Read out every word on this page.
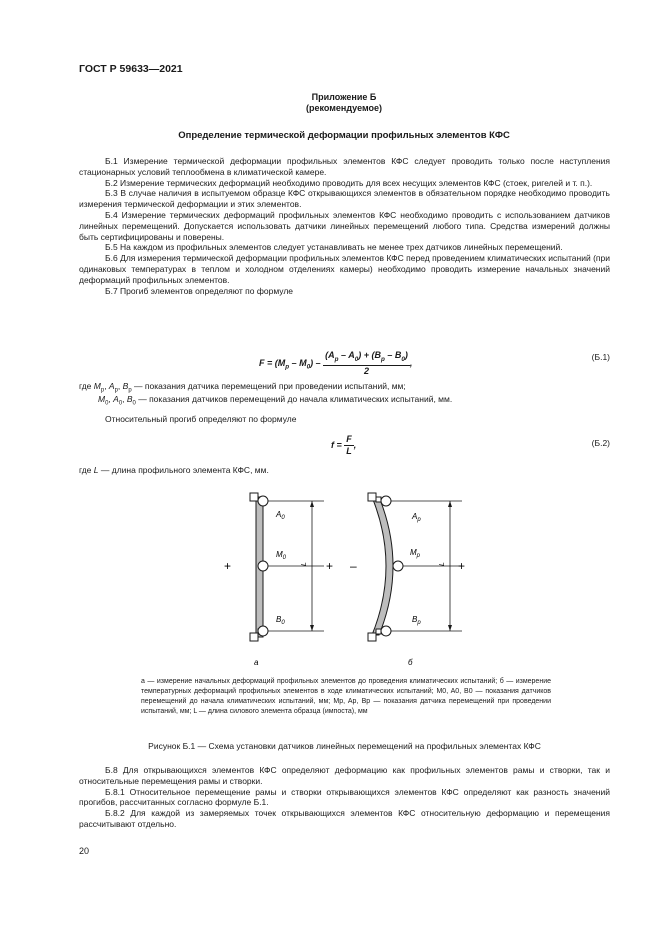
ГОСТ Р 59633—2021
Приложение Б
(рекомендуемое)
Определение термической деформации профильных элементов КФС

Б.1 Измерение термической деформации профильных элементов КФС следует проводить только после наступления стационарных условий теплообмена в климатической камере.

Б.2 Измерение термических деформаций необходимо проводить для всех несущих элементов КФС (стоек, ригелей и т. п.).

Б.3 В случае наличия в испытуемом образце КФС открывающихся элементов в обязательном порядке необходимо проводить измерения термической деформации и этих элементов.

Б.4 Измерение термических деформаций профильных элементов КФС необходимо проводить с использованием датчиков линейных перемещений. Допускается использовать датчики линейных перемещений любого типа. Средства измерений должны быть сертифицированы и поверены.

Б.5 На каждом из профильных элементов следует устанавливать не менее трех датчиков линейных перемещений.

Б.6 Для измерения термической деформации профильных элементов КФС перед проведением климатических испытаний (при одинаковых температурах в теплом и холодном отделениях камеры) необходимо проводить измерение начальных значений деформаций профильных элементов.

Б.7 Прогиб элементов определяют по формуле

$F = (M_p - M_0) - \frac{(A_p - A_0) + (B_p - B_0)}{2}$ ,
(Б.1)
где $M_p$, $A_p$, $B_p$ — показания датчика перемещений при проведении испытаний, мм;
$M_0$, $A_0$, $B_0$ — показания датчиков перемещений до начала климатических испытаний, мм.
Относительный прогиб определяют по формуле
$f = \frac{F}{L}$ ,	(Б.2)
где L — длина профильного элемента КФС, мм.
$A_0$
$M_0$
$B_0$
L
+	+
а
$A_р$
$M_р$
$B_р$
L
–	+
б

а — измерение начальных деформаций профильных элементов до проведения климатических испытаний; б — измерение температурных деформаций профильных элементов в ходе климатических испытаний; M0, A0, B0 — показания датчиков перемещений до начала климатических испытаний, мм; Mp, Ap, Bp — показания датчика перемещений при проведении испытаний, мм; L — длина силового элемента образца (импоста), мм

Рисунок Б.1 — Схема установки датчиков линейных перемещений на профильных элементах КФС

Б.8 Для открывающихся элементов КФС определяют деформацию как профильных элементов рамы и створки, так и относительные перемещения рамы и створки.

Б.8.1 Относительное перемещение рамы и створки открывающихся элементов КФС определяют как разность значений прогибов, рассчитанных согласно формуле Б.1.

Б.8.2 Для каждой из замеряемых точек открывающихся элементов КФС относительную деформацию и перемещения рассчитывают отдельно.

20
